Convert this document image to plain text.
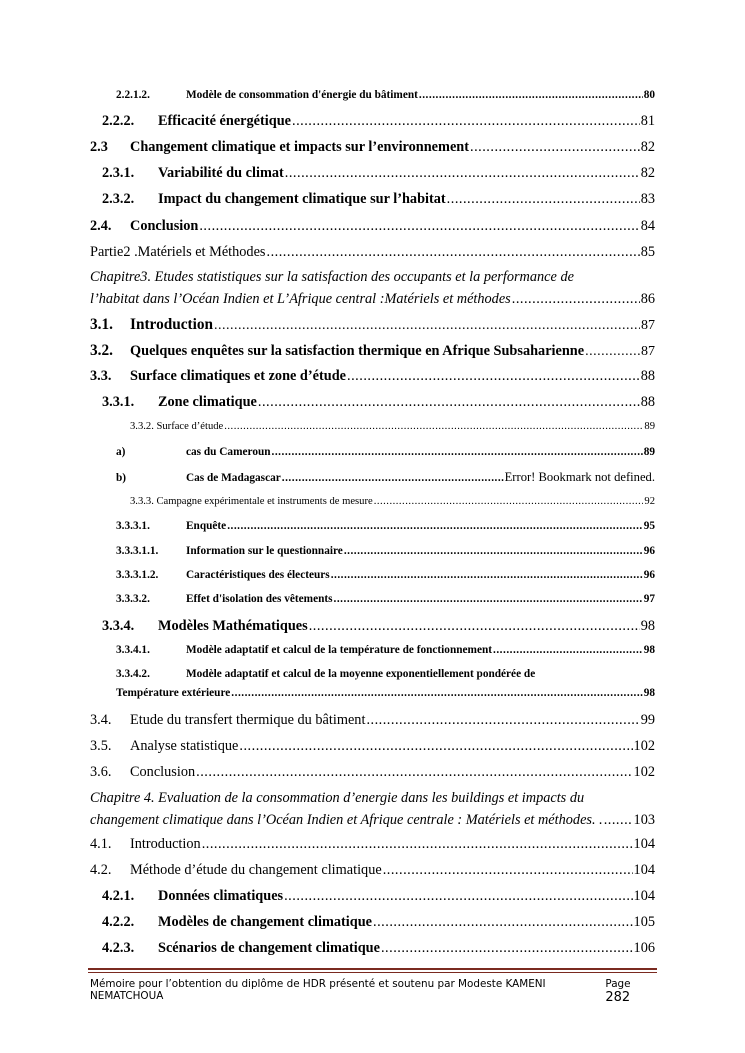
2.2.1.2.	Modèle de consommation d'énergie du bâtiment .....	80
2.2.2.	Efficacité énergétique .....	81
2.3	Changement climatique et impacts sur l’environnement .....	82
2.3.1.	Variabilité du climat .....	82
2.3.2.	Impact du changement climatique sur l’habitat .....	83
2.4.	Conclusion .....	84
Partie2 .Matériels et Méthodes .....	85
Chapitre3. Etudes statistiques sur la satisfaction des occupants et la performance de
l’habitat dans l’Océan Indien et L’Afrique central :Matériels et méthodes .....	86
3.1.	Introduction .....	87
3.2.	Quelques enquêtes sur la satisfaction thermique en Afrique Subsaharienne .....	87
3.3.	Surface climatiques et zone d’étude .....	88
3.3.1.	Zone climatique .....	88
3.3.2. Surface d’étude .....	89
a)	cas du Cameroun .....	89
b)	Cas de Madagascar .....	Error! Bookmark not defined.
3.3.3. Campagne expérimentale et instruments de mesure .....	92
3.3.3.1.	Enquête .....	95
3.3.3.1.1.	Information sur le questionnaire .....	96
3.3.3.1.2.	Caractéristiques des électeurs .....	96
3.3.3.2.	Effet d'isolation des vêtements .....	97
3.3.4.	Modèles Mathématiques .....	98
3.3.4.1.	Modèle adaptatif et calcul de la température de fonctionnement .....	98
3.3.4.2.	Modèle adaptatif et calcul de la moyenne exponentiellement pondérée de
Température extérieure .....	98
3.4.	Etude du transfert thermique du bâtiment .....	99
3.5.	Analyse statistique .....	102
3.6.	Conclusion .....	102
Chapitre 4. Evaluation de la consommation d’energie dans les buildings et impacts du
changement climatique dans l’Océan Indien et Afrique centrale : Matériels et méthodes. . ..... 103
4.1.	Introduction .....	104
4.2.	Méthode d’étude du changement climatique .....	104
4.2.1.	Données climatiques .....	104
4.2.2.	Modèles de changement climatique .....	105
4.2.3.	Scénarios de changement climatique .....	106
Mémoire pour l’obtention du diplôme de HDR présenté et soutenu par Modeste KAMENI NEMATCHOUA
Page 282
